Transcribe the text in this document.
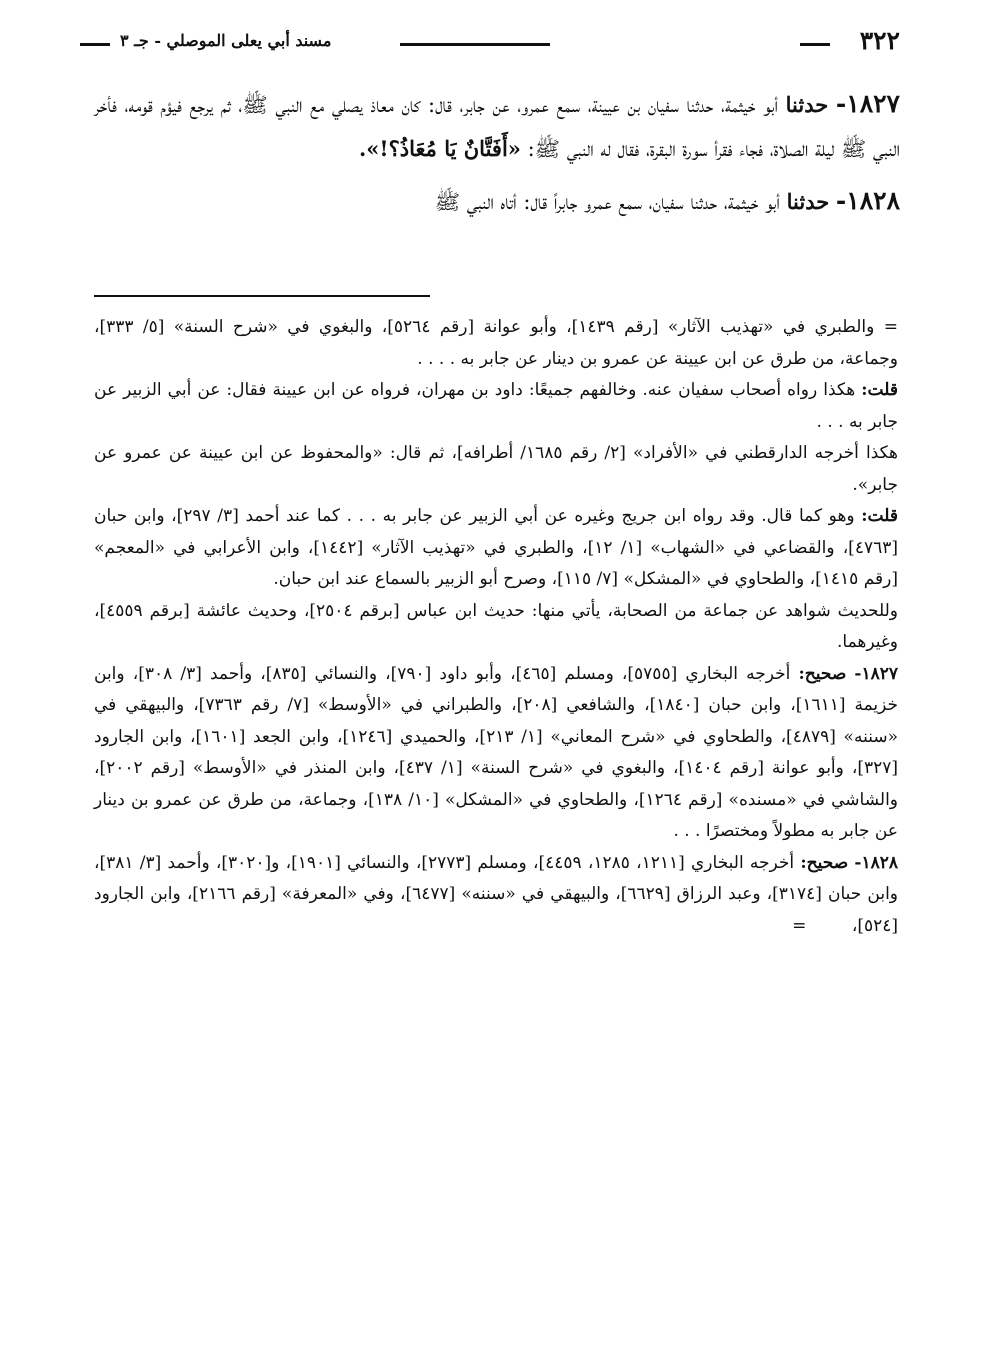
٣٢٢
مسند أبي يعلى الموصلي - جـ ٣

١٨٢٧- حدثنا أبو خيثمة، حدثنا سفيان بن عيينة، سمع عمرو، عن جابر، قال: كان معاذ يصلي مع النبي ﷺ، ثم يرجع فيؤم قومه، فأخر النبي ﷺ ليلة الصلاة، فجاء فقرأ سورة البقرة، فقال له النبي ﷺ: «أَفَتَّانٌ يَا مُعَاذُ؟!».

١٨٢٨- حدثنا أبو خيثمة، حدثنا سفيان، سمع عمرو جابراً قال: أتاه النبي ﷺ

= والطبري في «تهذيب الآثار» [رقم ١٤٣٩]، وأبو عوانة [رقم ٥٢٦٤]، والبغوي في «شرح السنة» [٥/ ٣٣٣]، وجماعة، من طرق عن ابن عيينة عن عمرو بن دينار عن جابر به . . . .

قلت: هكذا رواه أصحاب سفيان عنه. وخالفهم جميعًا: داود بن مهران، فرواه عن ابن عيينة فقال: عن أبي الزبير عن جابر به . . .

هكذا أخرجه الدارقطني في «الأفراد» [٢/ رقم ١٦٨٥/ أطرافه]، ثم قال: «والمحفوظ عن ابن عيينة عن عمرو عن جابر».

قلت: وهو كما قال. وقد رواه ابن جريج وغيره عن أبي الزبير عن جابر به . . . كما عند أحمد [٣/ ٢٩٧]، وابن حبان [٤٧٦٣]، والقضاعي في «الشهاب» [١/ ١٢]، والطبري في «تهذيب الآثار» [١٤٤٢]، وابن الأعرابي في «المعجم» [رقم ١٤١٥]، والطحاوي في «المشكل» [٧/ ١١٥]، وصرح أبو الزبير بالسماع عند ابن حبان.

وللحديث شواهد عن جماعة من الصحابة، يأتي منها: حديث ابن عباس [برقم ٢٥٠٤]، وحديث عائشة [برقم ٤٥٥٩]، وغيرهما.

١٨٢٧- صحيح: أخرجه البخاري [٥٧٥٥]، ومسلم [٤٦٥]، وأبو داود [٧٩٠]، والنسائي [٨٣٥]، وأحمد [٣/ ٣٠٨]، وابن خزيمة [١٦١١]، وابن حبان [١٨٤٠]، والشافعي [٢٠٨]، والطبراني في «الأوسط» [٧/ رقم ٧٣٦٣]، والبيهقي في «سننه» [٤٨٧٩]، والطحاوي في «شرح المعاني» [١/ ٢١٣]، والحميدي [١٢٤٦]، وابن الجعد [١٦٠١]، وابن الجارود [٣٢٧]، وأبو عوانة [رقم ١٤٠٤]، والبغوي في «شرح السنة» [١/ ٤٣٧]، وابن المنذر في «الأوسط» [رقم ٢٠٠٢]، والشاشي في «مسنده» [رقم ١٢٦٤]، والطحاوي في «المشكل» [١٠/ ١٣٨]، وجماعة، من طرق عن عمرو بن دينار عن جابر به مطولاً ومختصرًا . . .

١٨٢٨- صحيح: أخرجه البخاري [١٢١١، ١٢٨٥، ٤٤٥٩]، ومسلم [٢٧٧٣]، والنسائي [١٩٠١]، و[٣٠٢٠]، وأحمد [٣/ ٣٨١]، وابن حبان [٣١٧٤]، وعبد الرزاق [٦٦٢٩]، والبيهقي في «سننه» [٦٤٧٧]، وفي «المعرفة» [رقم ٢١٦٦]، وابن الجارود [٥٢٤]، =
